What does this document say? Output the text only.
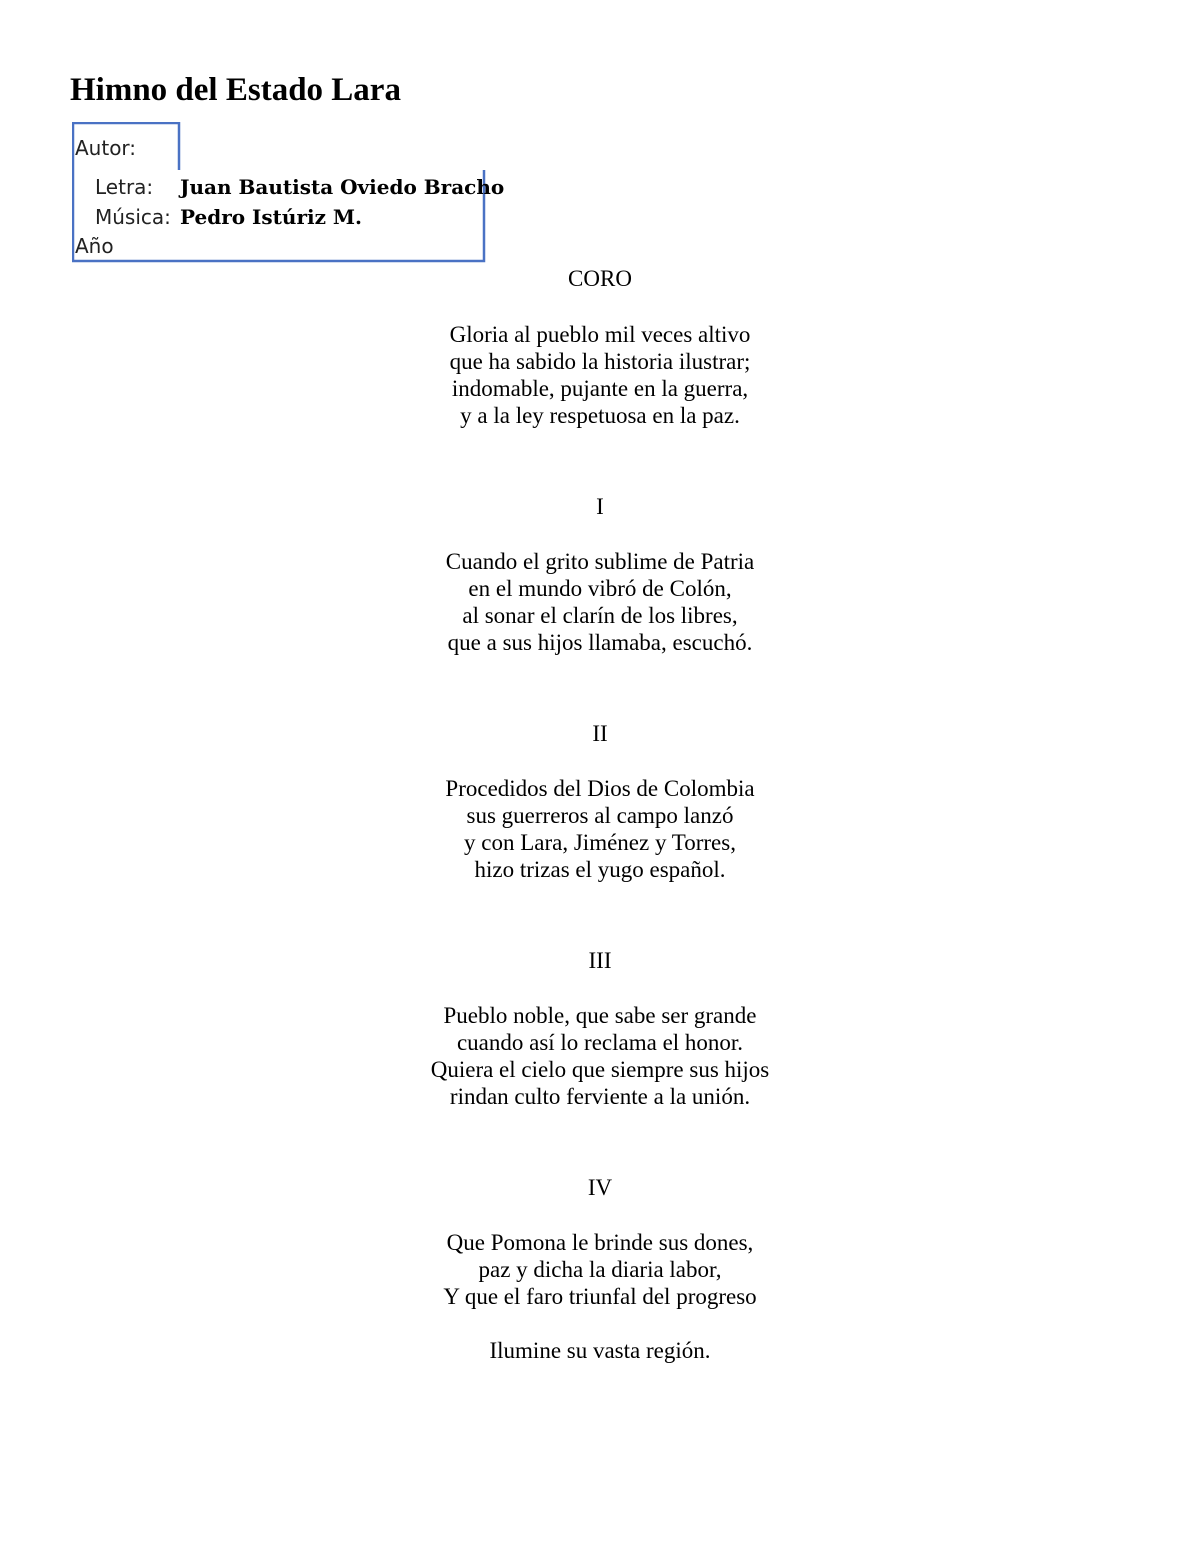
Himno del Estado Lara
Autor:
Letra: Juan Bautista Oviedo Bracho
Música: Pedro Istúriz M.
Año
CORO
Gloria al pueblo mil veces altivo
que ha sabido la historia ilustrar;
indomable, pujante en la guerra,
y a la ley respetuosa en la paz.
I
Cuando el grito sublime de Patria
en el mundo vibró de Colón,
al sonar el clarín de los libres,
que a sus hijos llamaba, escuchó.
II
Procedidos del Dios de Colombia
sus guerreros al campo lanzó
y con Lara, Jiménez y Torres,
hizo trizas el yugo español.
III
Pueblo noble, que sabe ser grande
cuando así lo reclama el honor.
Quiera el cielo que siempre sus hijos
rindan culto ferviente a la unión.
IV
Que Pomona le brinde sus dones,
paz y dicha la diaria labor,
Y que el faro triunfal del progreso
Ilumine su vasta región.
